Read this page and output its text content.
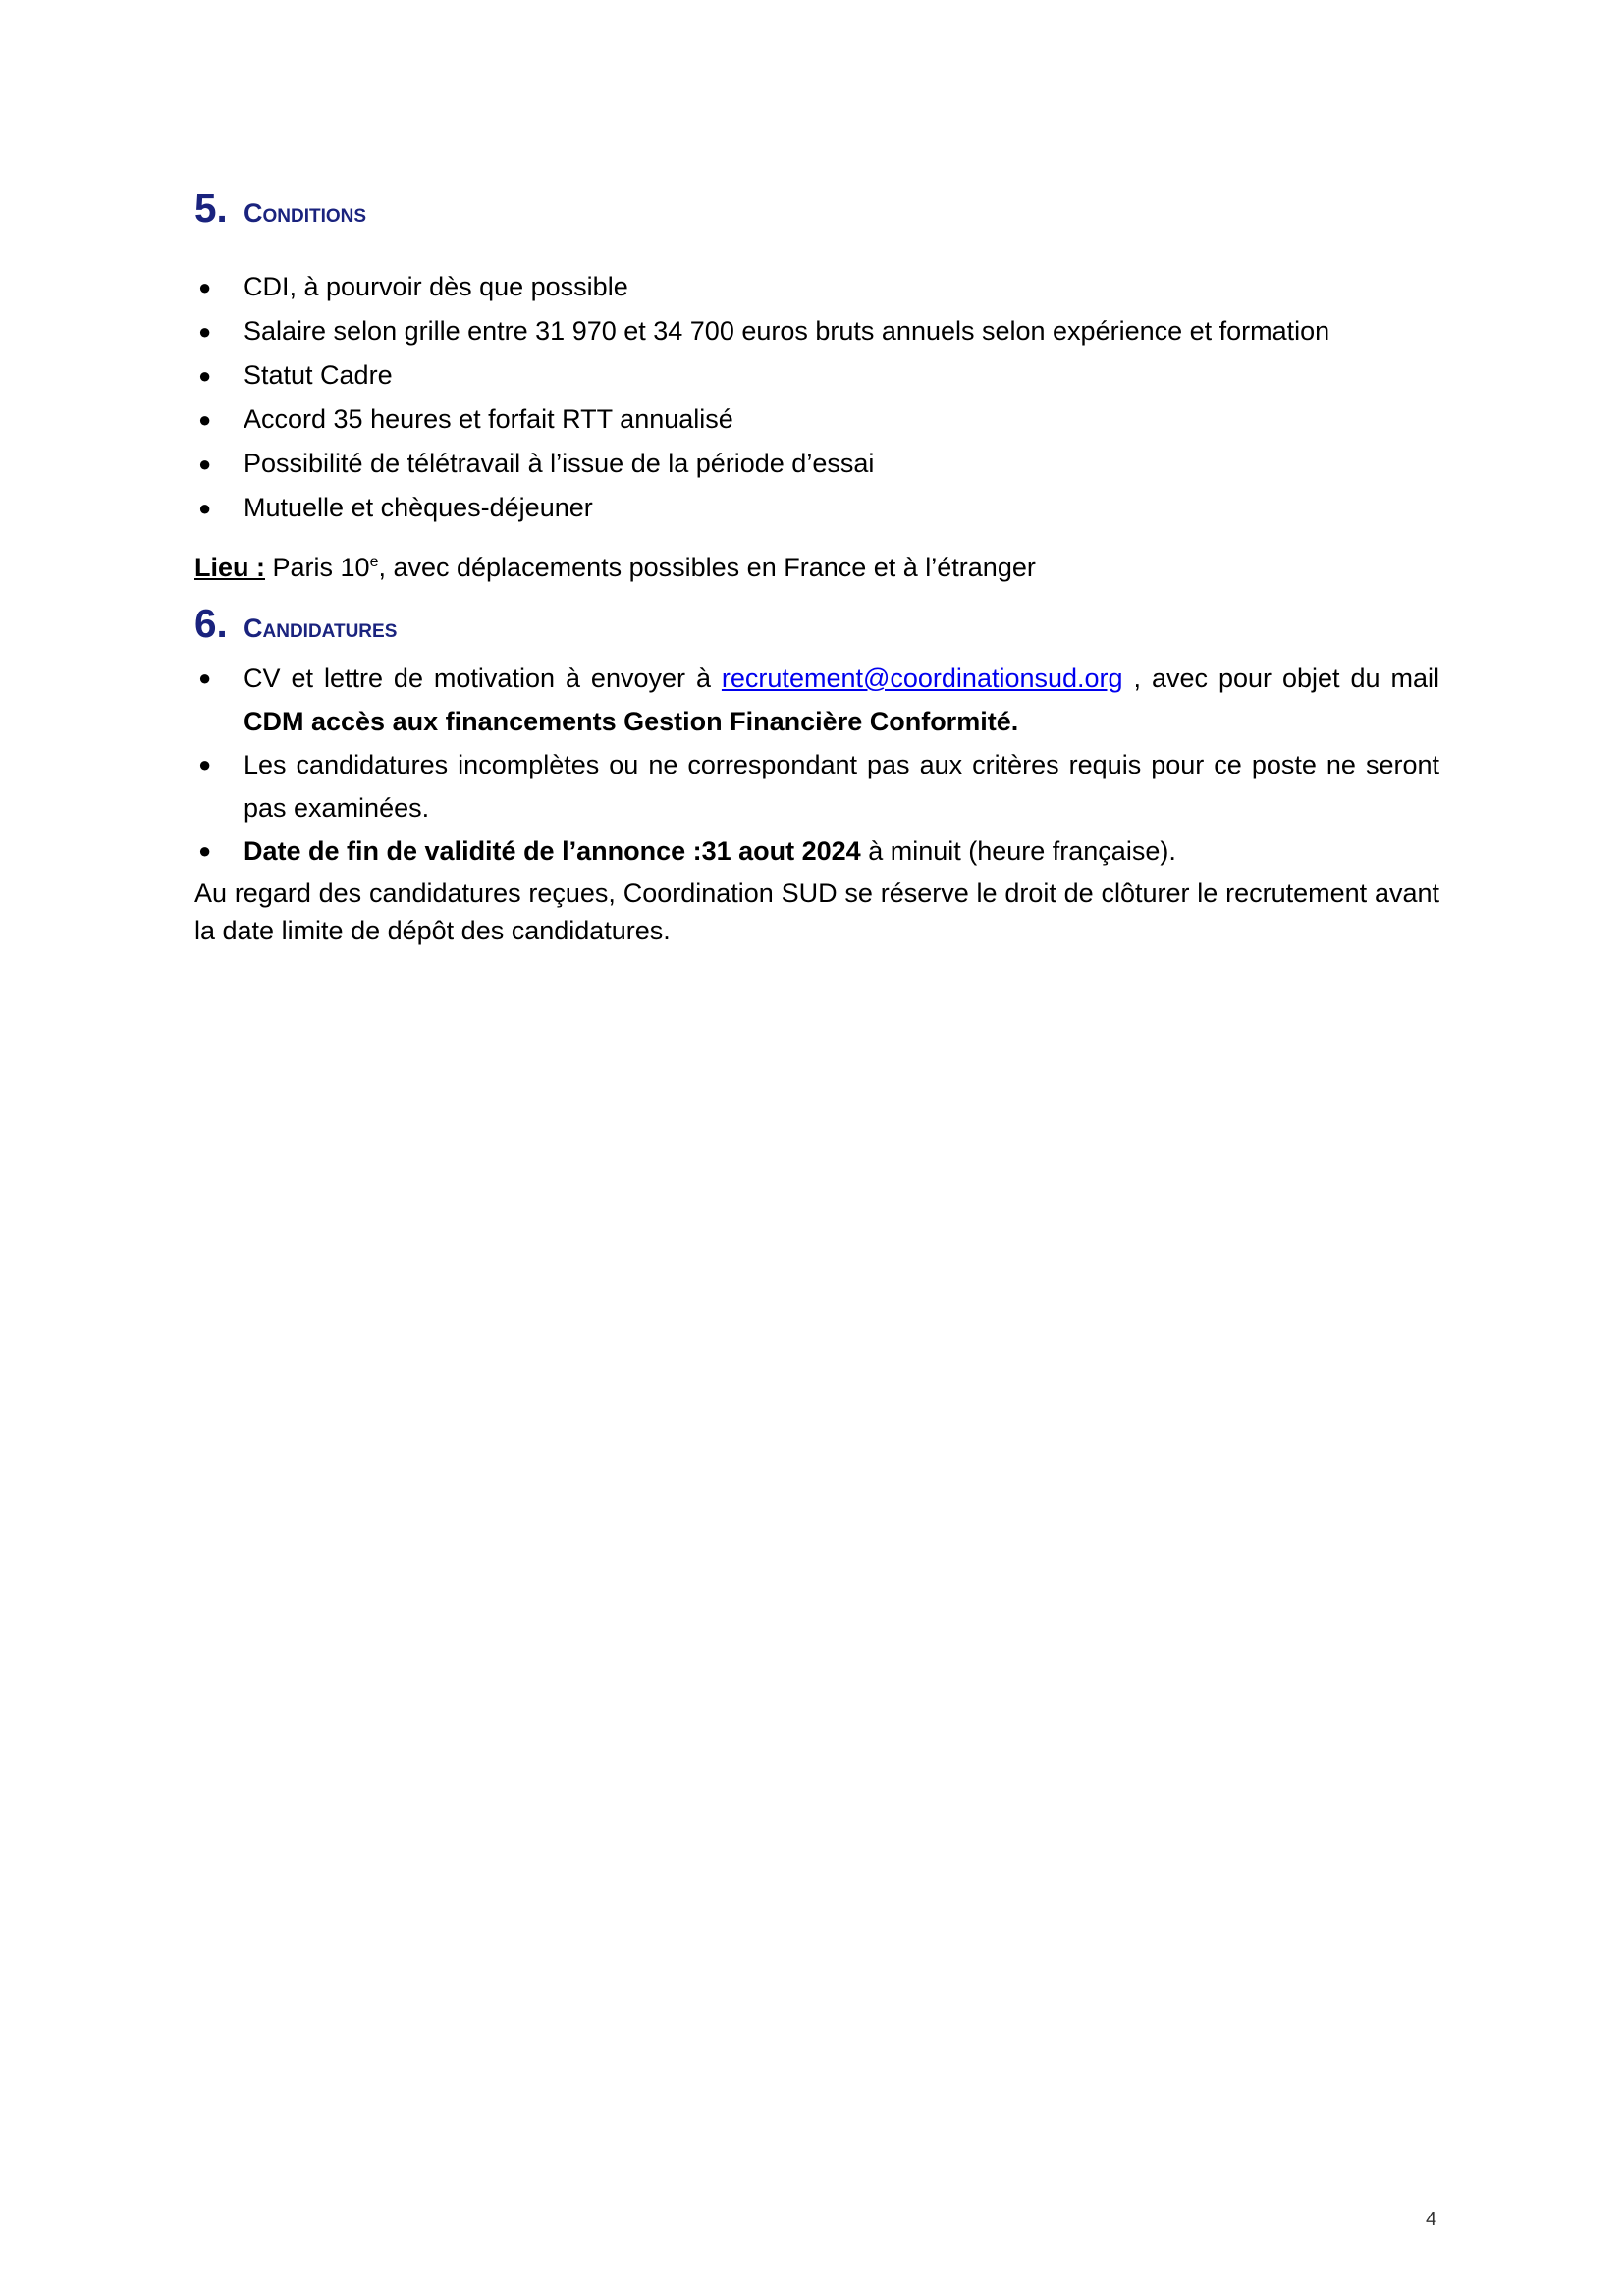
5. Conditions
● CDI, à pourvoir dès que possible
● Salaire selon grille entre 31 970 et 34 700 euros bruts annuels selon expérience et formation
● Statut Cadre
● Accord 35 heures et forfait RTT annualisé
● Possibilité de télétravail à l’issue de la période d’essai
● Mutuelle et chèques-déjeuner

Lieu : Paris 10e, avec déplacements possibles en France et à l’étranger

6. Candidatures
● CV et lettre de motivation à envoyer à recrutement@coordinationsud.org , avec pour objet du mail CDM accès aux financements Gestion Financière Conformité.
● Les candidatures incomplètes ou ne correspondant pas aux critères requis pour ce poste ne seront pas examinées.
● Date de fin de validité de l’annonce :31 aout 2024 à minuit (heure française).

Au regard des candidatures reçues, Coordination SUD se réserve le droit de clôturer le recrutement avant la date limite de dépôt des candidatures.

4
